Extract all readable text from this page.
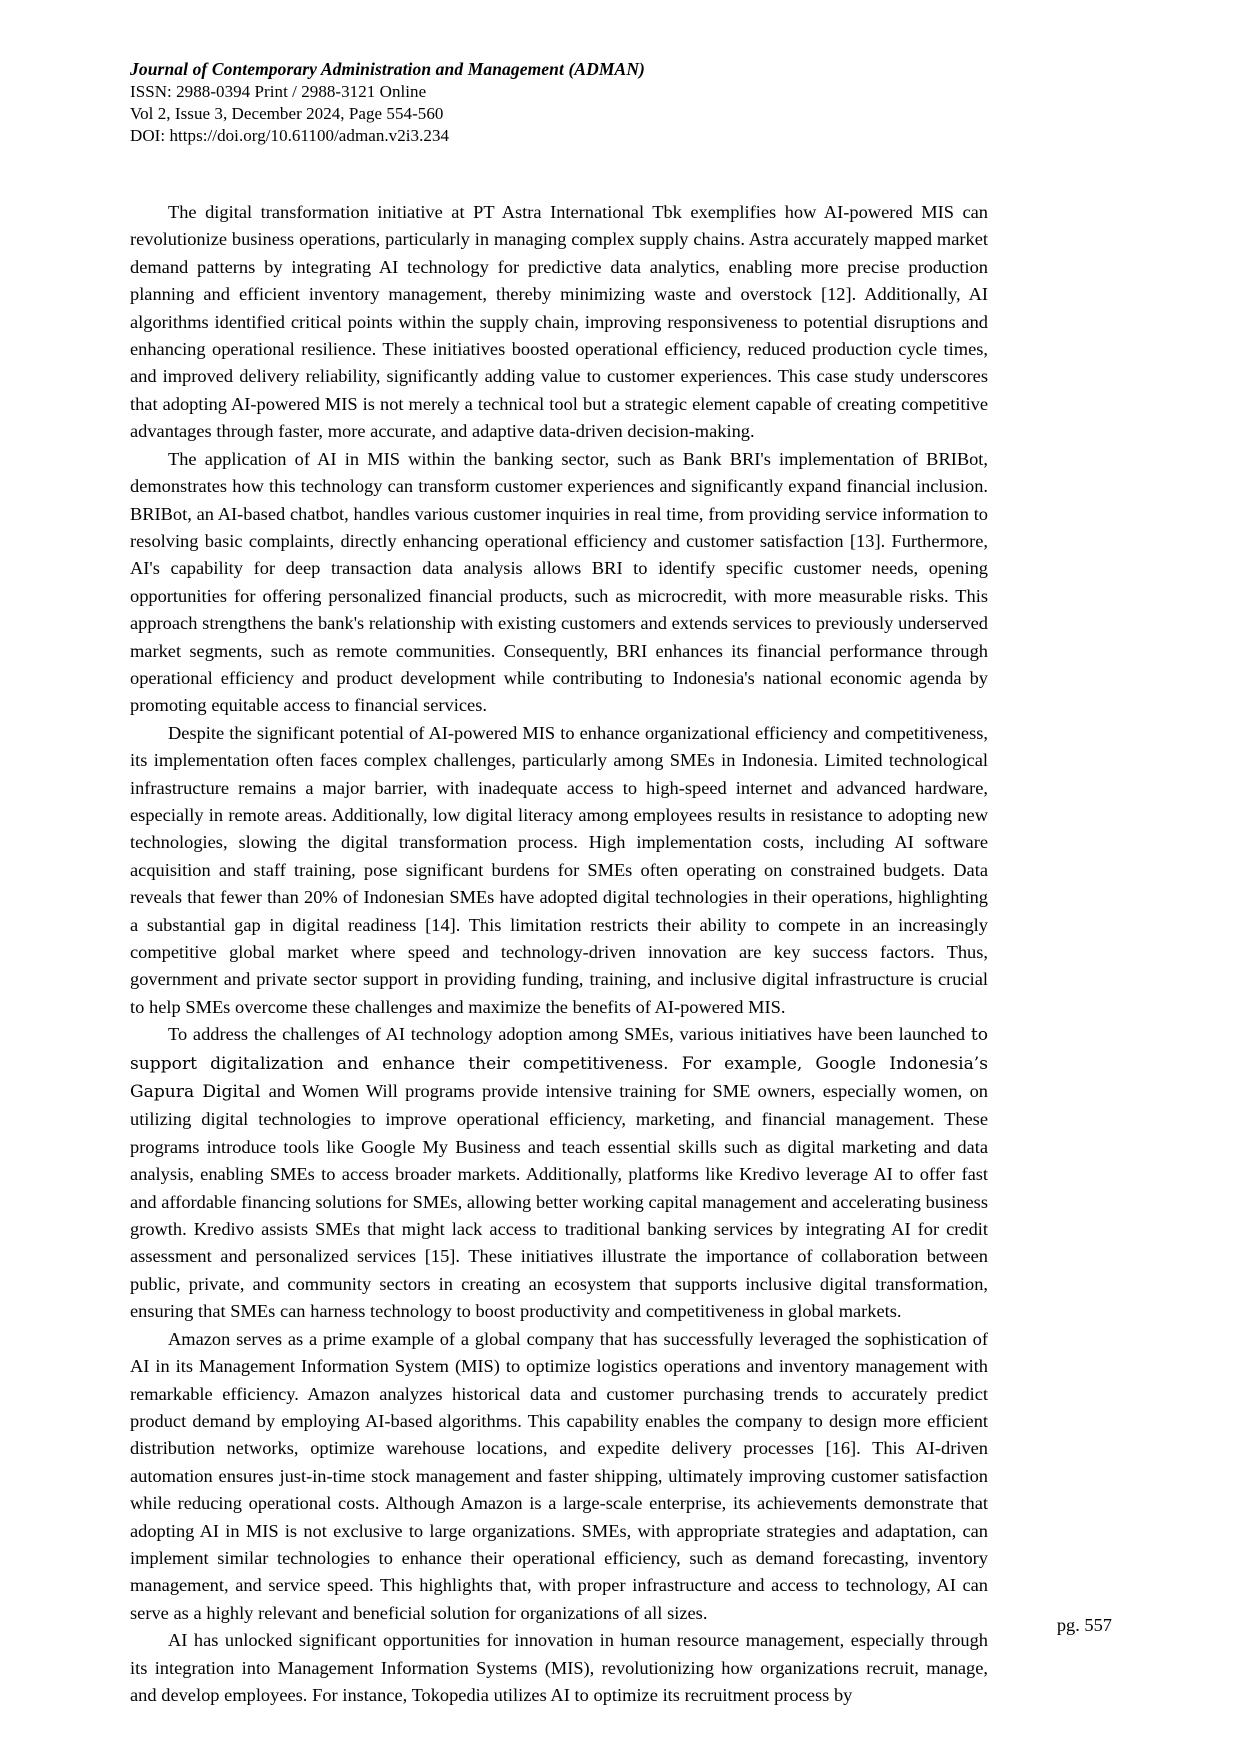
Journal of Contemporary Administration and Management (ADMAN)
ISSN: 2988-0394 Print / 2988-3121 Online
Vol 2, Issue 3, December 2024, Page 554-560
DOI: https://doi.org/10.61100/adman.v2i3.234

The digital transformation initiative at PT Astra International Tbk exemplifies how AI-powered MIS can revolutionize business operations, particularly in managing complex supply chains. Astra accurately mapped market demand patterns by integrating AI technology for predictive data analytics, enabling more precise production planning and efficient inventory management, thereby minimizing waste and overstock [12]. Additionally, AI algorithms identified critical points within the supply chain, improving responsiveness to potential disruptions and enhancing operational resilience. These initiatives boosted operational efficiency, reduced production cycle times, and improved delivery reliability, significantly adding value to customer experiences. This case study underscores that adopting AI-powered MIS is not merely a technical tool but a strategic element capable of creating competitive advantages through faster, more accurate, and adaptive data-driven decision-making.

The application of AI in MIS within the banking sector, such as Bank BRI's implementation of BRIBot, demonstrates how this technology can transform customer experiences and significantly expand financial inclusion. BRIBot, an AI-based chatbot, handles various customer inquiries in real time, from providing service information to resolving basic complaints, directly enhancing operational efficiency and customer satisfaction [13]. Furthermore, AI's capability for deep transaction data analysis allows BRI to identify specific customer needs, opening opportunities for offering personalized financial products, such as microcredit, with more measurable risks. This approach strengthens the bank's relationship with existing customers and extends services to previously underserved market segments, such as remote communities. Consequently, BRI enhances its financial performance through operational efficiency and product development while contributing to Indonesia's national economic agenda by promoting equitable access to financial services.

Despite the significant potential of AI-powered MIS to enhance organizational efficiency and competitiveness, its implementation often faces complex challenges, particularly among SMEs in Indonesia. Limited technological infrastructure remains a major barrier, with inadequate access to high-speed internet and advanced hardware, especially in remote areas. Additionally, low digital literacy among employees results in resistance to adopting new technologies, slowing the digital transformation process. High implementation costs, including AI software acquisition and staff training, pose significant burdens for SMEs often operating on constrained budgets. Data reveals that fewer than 20% of Indonesian SMEs have adopted digital technologies in their operations, highlighting a substantial gap in digital readiness [14]. This limitation restricts their ability to compete in an increasingly competitive global market where speed and technology-driven innovation are key success factors. Thus, government and private sector support in providing funding, training, and inclusive digital infrastructure is crucial to help SMEs overcome these challenges and maximize the benefits of AI-powered MIS.

To address the challenges of AI technology adoption among SMEs, various initiatives have been launched to support digitalization and enhance their competitiveness. For example, Google Indonesia’s Gapura Digital and Women Will programs provide intensive training for SME owners, especially women, on utilizing digital technologies to improve operational efficiency, marketing, and financial management. These programs introduce tools like Google My Business and teach essential skills such as digital marketing and data analysis, enabling SMEs to access broader markets. Additionally, platforms like Kredivo leverage AI to offer fast and affordable financing solutions for SMEs, allowing better working capital management and accelerating business growth. Kredivo assists SMEs that might lack access to traditional banking services by integrating AI for credit assessment and personalized services [15]. These initiatives illustrate the importance of collaboration between public, private, and community sectors in creating an ecosystem that supports inclusive digital transformation, ensuring that SMEs can harness technology to boost productivity and competitiveness in global markets.

Amazon serves as a prime example of a global company that has successfully leveraged the sophistication of AI in its Management Information System (MIS) to optimize logistics operations and inventory management with remarkable efficiency. Amazon analyzes historical data and customer purchasing trends to accurately predict product demand by employing AI-based algorithms. This capability enables the company to design more efficient distribution networks, optimize warehouse locations, and expedite delivery processes [16]. This AI-driven automation ensures just-in-time stock management and faster shipping, ultimately improving customer satisfaction while reducing operational costs. Although Amazon is a large-scale enterprise, its achievements demonstrate that adopting AI in MIS is not exclusive to large organizations. SMEs, with appropriate strategies and adaptation, can implement similar technologies to enhance their operational efficiency, such as demand forecasting, inventory management, and service speed. This highlights that, with proper infrastructure and access to technology, AI can serve as a highly relevant and beneficial solution for organizations of all sizes.

AI has unlocked significant opportunities for innovation in human resource management, especially through its integration into Management Information Systems (MIS), revolutionizing how organizations recruit, manage, and develop employees. For instance, Tokopedia utilizes AI to optimize its recruitment process by

pg. 557
